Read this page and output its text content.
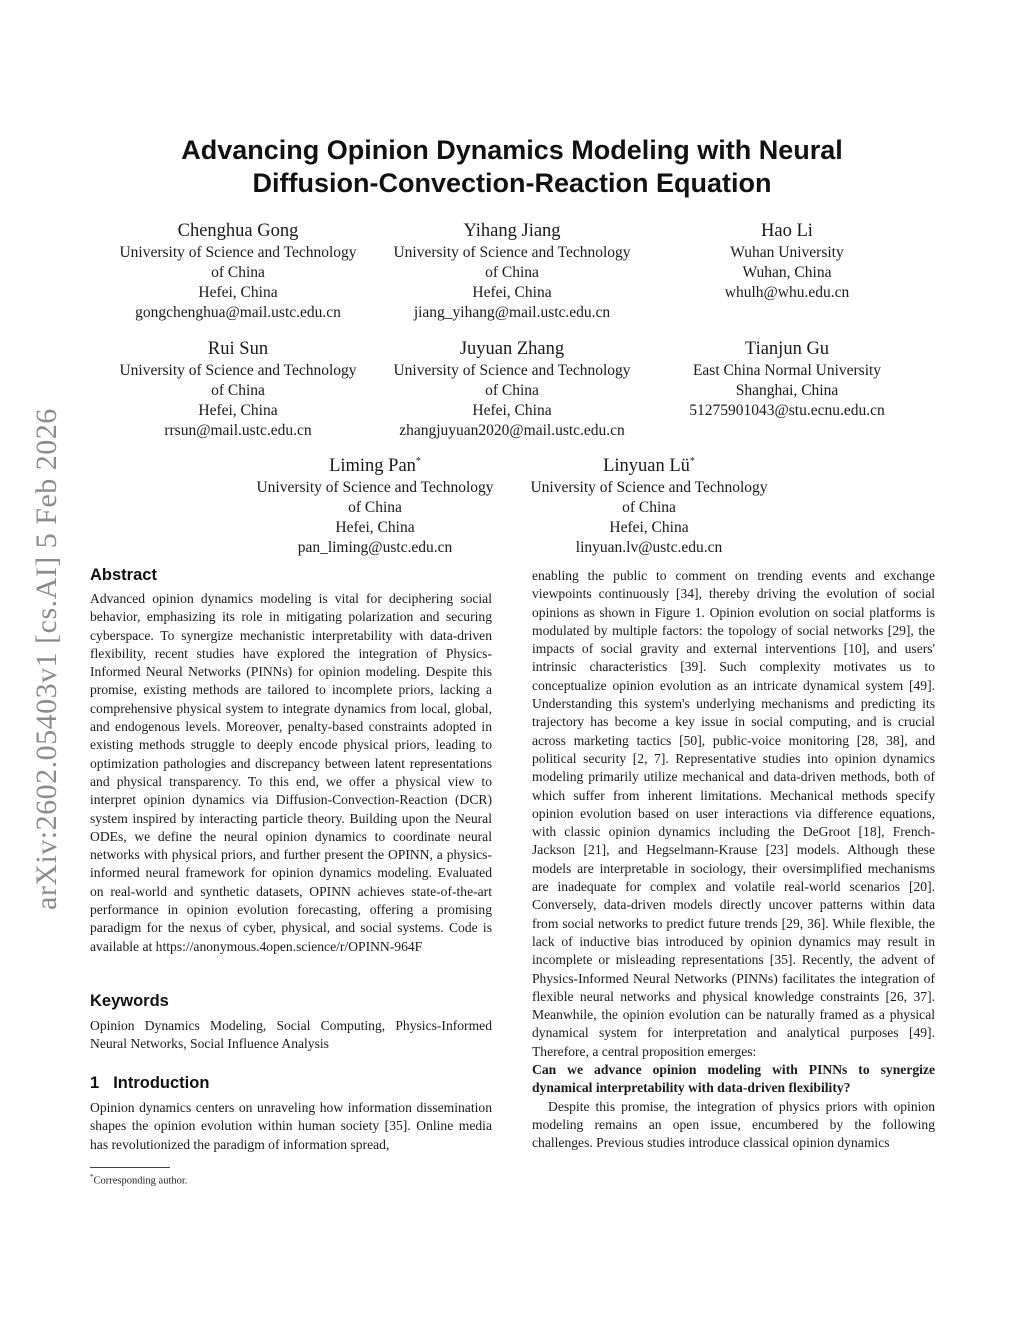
arXiv:2602.05403v1 [cs.AI] 5 Feb 2026
Advancing Opinion Dynamics Modeling with Neural
Diffusion-Convection-Reaction Equation
Chenghua Gong
University of Science and Technology
of China
Hefei, China
gongchenghua@mail.ustc.edu.cn
Yihang Jiang
University of Science and Technology
of China
Hefei, China
jiang_yihang@mail.ustc.edu.cn
Hao Li
Wuhan University
Wuhan, China
whulh@whu.edu.cn
Rui Sun
University of Science and Technology
of China
Hefei, China
rrsun@mail.ustc.edu.cn
Juyuan Zhang
University of Science and Technology
of China
Hefei, China
zhangjuyuan2020@mail.ustc.edu.cn
Tianjun Gu
East China Normal University
Shanghai, China
51275901043@stu.ecnu.edu.cn
Liming Pan*
University of Science and Technology
of China
Hefei, China
pan_liming@ustc.edu.cn
Linyuan Lü*
University of Science and Technology
of China
Hefei, China
linyuan.lv@ustc.edu.cn
Abstract

Advanced opinion dynamics modeling is vital for deciphering social behavior, emphasizing its role in mitigating polarization and securing cyberspace. To synergize mechanistic interpretability with data-driven flexibility, recent studies have explored the integration of Physics-Informed Neural Networks (PINNs) for opinion modeling. Despite this promise, existing methods are tailored to incomplete priors, lacking a comprehensive physical system to integrate dynamics from local, global, and endogenous levels. Moreover, penalty-based constraints adopted in existing methods struggle to deeply encode physical priors, leading to optimization pathologies and discrepancy between latent representations and physical transparency. To this end, we offer a physical view to interpret opinion dynamics via Diffusion-Convection-Reaction (DCR) system inspired by interacting particle theory. Building upon the Neural ODEs, we define the neural opinion dynamics to coordinate neural networks with physical priors, and further present the OPINN, a physics-informed neural framework for opinion dynamics modeling. Evaluated on real-world and synthetic datasets, OPINN achieves state-of-the-art performance in opinion evolution forecasting, offering a promising paradigm for the nexus of cyber, physical, and social systems. Code is available at https://anonymous.4open.science/r/OPINN-964F

Keywords

Opinion Dynamics Modeling, Social Computing, Physics-Informed Neural Networks, Social Influence Analysis

1 Introduction

Opinion dynamics centers on unraveling how information dissemination shapes the opinion evolution within human society [35]. Online media has revolutionized the paradigm of information spread,

*Corresponding author.

enabling the public to comment on trending events and exchange viewpoints continuously [34], thereby driving the evolution of social opinions as shown in Figure 1. Opinion evolution on social platforms is modulated by multiple factors: the topology of social networks [29], the impacts of social gravity and external interventions [10], and users' intrinsic characteristics [39]. Such complexity motivates us to conceptualize opinion evolution as an intricate dynamical system [49]. Understanding this system's underlying mechanisms and predicting its trajectory has become a key issue in social computing, and is crucial across marketing tactics [50], public-voice monitoring [28, 38], and political security [2, 7]. Representative studies into opinion dynamics modeling primarily utilize mechanical and data-driven methods, both of which suffer from inherent limitations. Mechanical methods specify opinion evolution based on user interactions via difference equations, with classic opinion dynamics including the DeGroot [18], French-Jackson [21], and Hegselmann-Krause [23] models. Although these models are interpretable in sociology, their oversimplified mechanisms are inadequate for complex and volatile real-world scenarios [20]. Conversely, data-driven models directly uncover patterns within data from social networks to predict future trends [29, 36]. While flexible, the lack of inductive bias introduced by opinion dynamics may result in incomplete or misleading representations [35]. Recently, the advent of Physics-Informed Neural Networks (PINNs) facilitates the integration of flexible neural networks and physical knowledge constraints [26, 37]. Meanwhile, the opinion evolution can be naturally framed as a physical dynamical system for interpretation and analytical purposes [49]. Therefore, a central proposition emerges:

Can we advance opinion modeling with PINNs to synergize dynamical interpretability with data-driven flexibility?

Despite this promise, the integration of physics priors with opinion modeling remains an open issue, encumbered by the following challenges. Previous studies introduce classical opinion dynamics
